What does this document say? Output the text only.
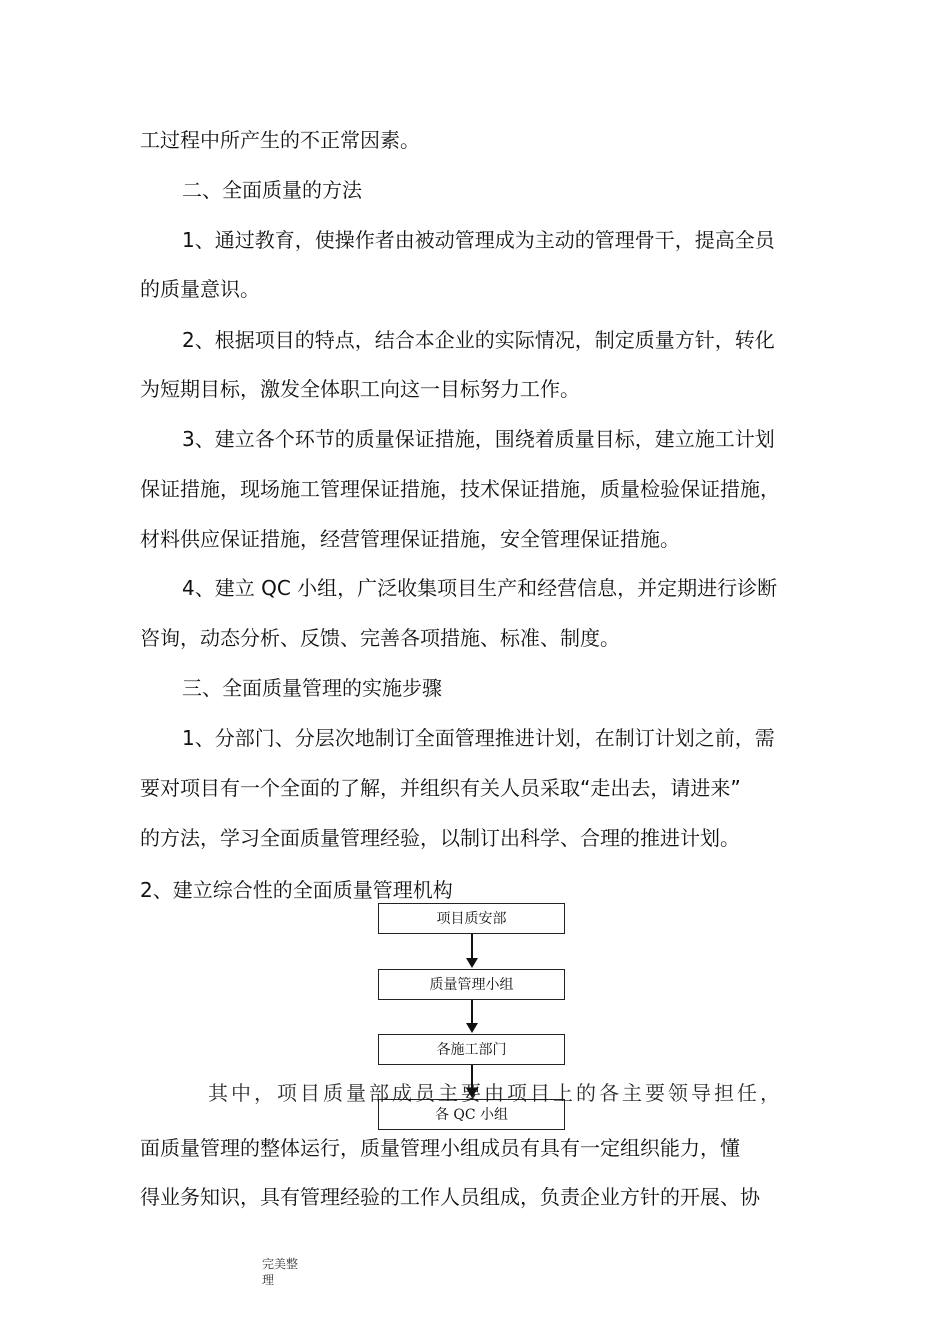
工过程中所产生的不正常因素。
二、全面质量的方法
1、通过教育，使操作者由被动管理成为主动的管理骨干，提高全员
的质量意识。
2、根据项目的特点，结合本企业的实际情况，制定质量方针，转化
为短期目标，激发全体职工向这一目标努力工作。
3、建立各个环节的质量保证措施，围绕着质量目标，建立施工计划
保证措施，现场施工管理保证措施，技术保证措施，质量检验保证措施，
材料供应保证措施，经营管理保证措施，安全管理保证措施。
4、建立 QC 小组，广泛收集项目生产和经营信息，并定期进行诊断
咨询，动态分析、反馈、完善各项措施、标准、制度。
三、全面质量管理的实施步骤
1、分部门、分层次地制订全面管理推进计划，在制订计划之前，需
要对项目有一个全面的了解，并组织有关人员采取“走出去，请进来”
的方法，学习全面质量管理经验，以制订出科学、合理的推进计划。
2、建立综合性的全面质量管理机构
项目质安部
质量管理小组
各施工部门
各 QC 小组
其中，项目质量部成员主要由项目上的各主要领导担任，
面质量管理的整体运行，质量管理小组成员有具有一定组织能力，懂
得业务知识，具有管理经验的工作人员组成，负责企业方针的开展、协
完美整
理
